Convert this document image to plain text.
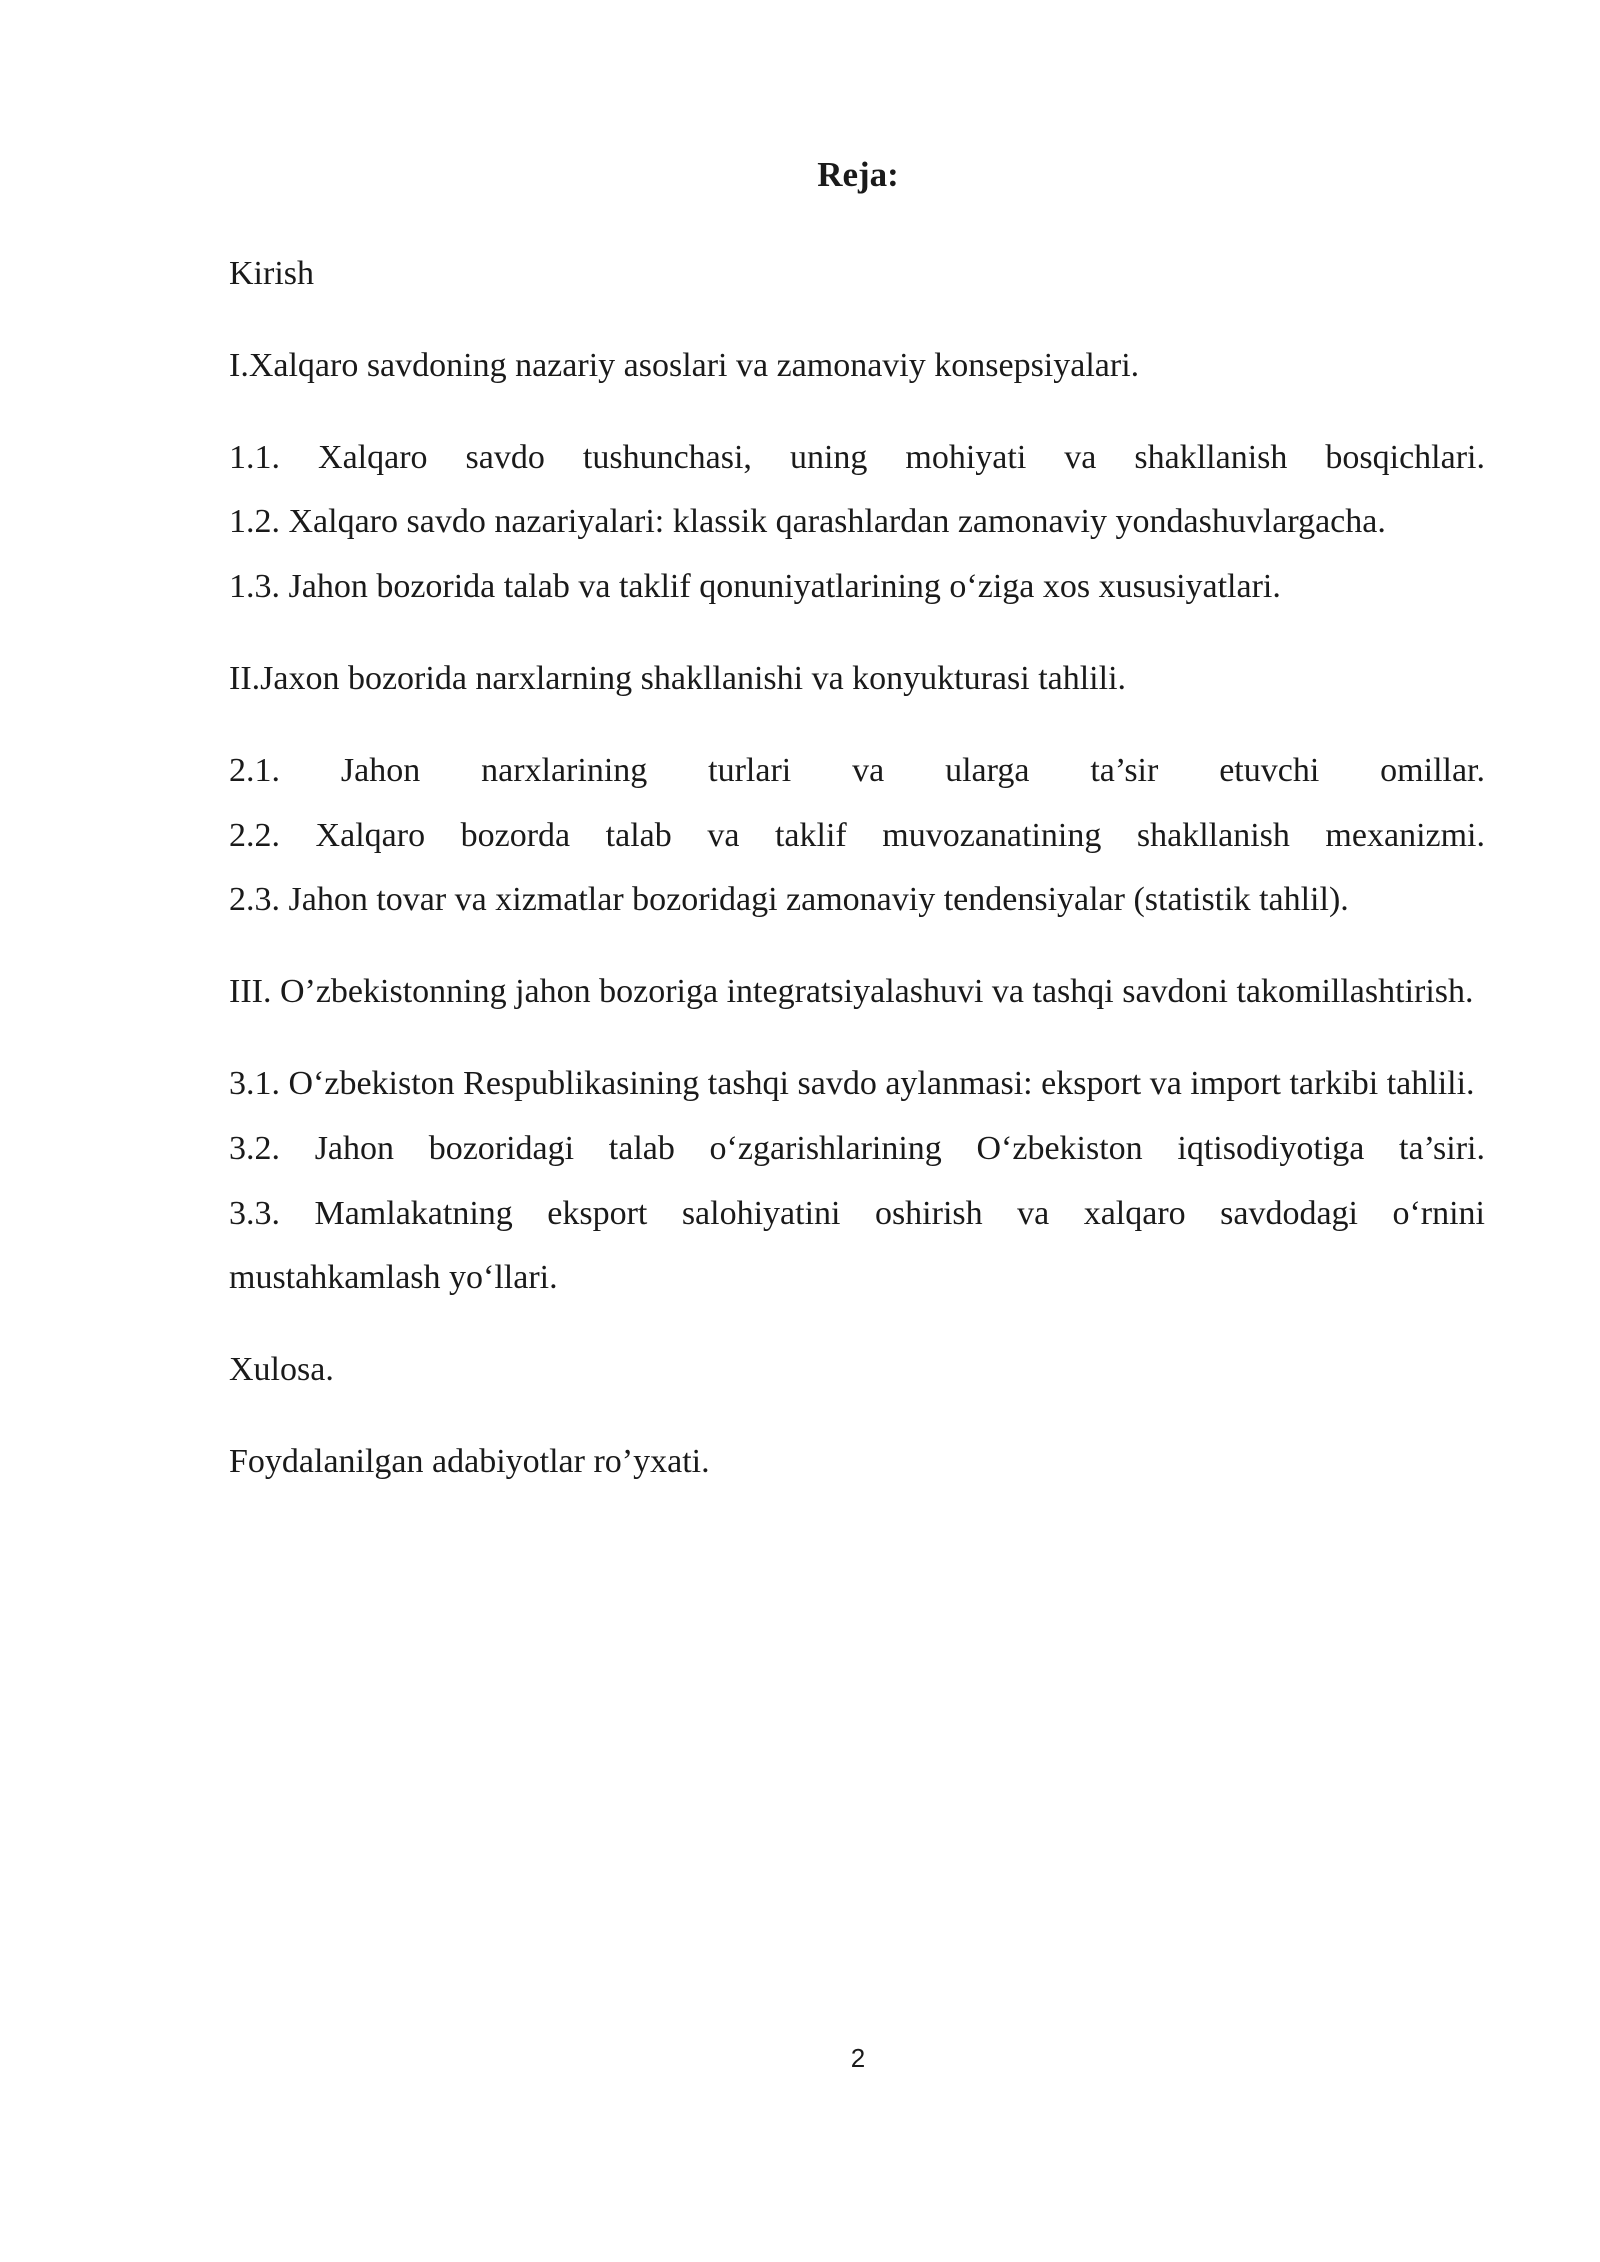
Reja:

Kirish

I.Xalqaro savdoning nazariy asoslari va zamonaviy konsepsiyalari.

1.1. Xalqaro savdo tushunchasi, uning mohiyati va shakllanish bosqichlari.

1.2. Xalqaro savdo nazariyalari: klassik qarashlardan zamonaviy yondashuvlargacha.

1.3. Jahon bozorida talab va taklif qonuniyatlarining o‘ziga xos xususiyatlari.

II.Jaxon bozorida narxlarning shakllanishi va konyukturasi tahlili.

2.1. Jahon narxlarining turlari va ularga ta’sir etuvchi omillar.

2.2. Xalqaro bozorda talab va taklif muvozanatining shakllanish mexanizmi.

2.3. Jahon tovar va xizmatlar bozoridagi zamonaviy tendensiyalar (statistik tahlil).

III. O’zbekistonning jahon bozoriga integratsiyalashuvi va tashqi savdoni takomillashtirish.

3.1. O‘zbekiston Respublikasining tashqi savdo aylanmasi: eksport va import tarkibi tahlili.

3.2. Jahon bozoridagi talab o‘zgarishlarining O‘zbekiston iqtisodiyotiga ta’siri.

3.3. Mamlakatning eksport salohiyatini oshirish va xalqaro savdodagi o‘rnini mustahkamlash yo‘llari.

Xulosa.

Foydalanilgan adabiyotlar ro’yxati.

2
